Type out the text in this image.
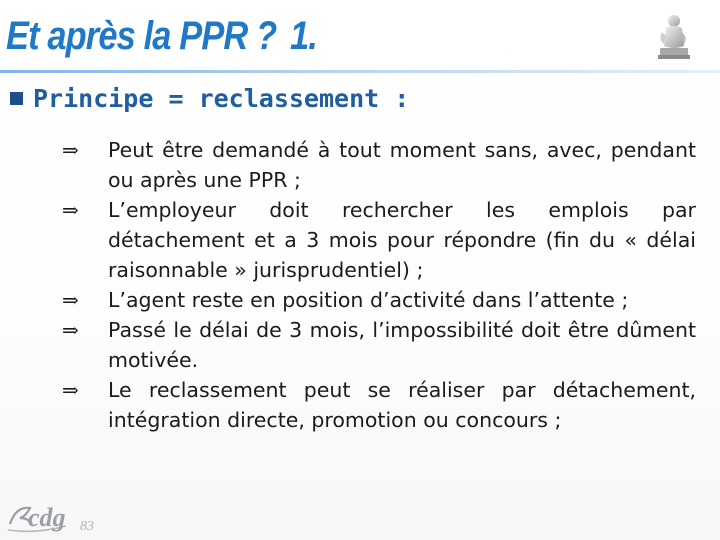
Et après la PPR ? 1.
Principe = reclassement :
⇒ Peut être demandé à tout moment sans, avec, pendant ou après une PPR ;
⇒ L’employeur doit rechercher les emplois par détachement et a 3 mois pour répondre (fin du « délai raisonnable » jurisprudentiel) ;
⇒ L’agent reste en position d’activité dans l’attente ;
⇒ Passé le délai de 3 mois, l’impossibilité doit être dûment motivée.
⇒ Le reclassement peut se réaliser par détachement, intégration directe, promotion ou concours ;
cdg 83
